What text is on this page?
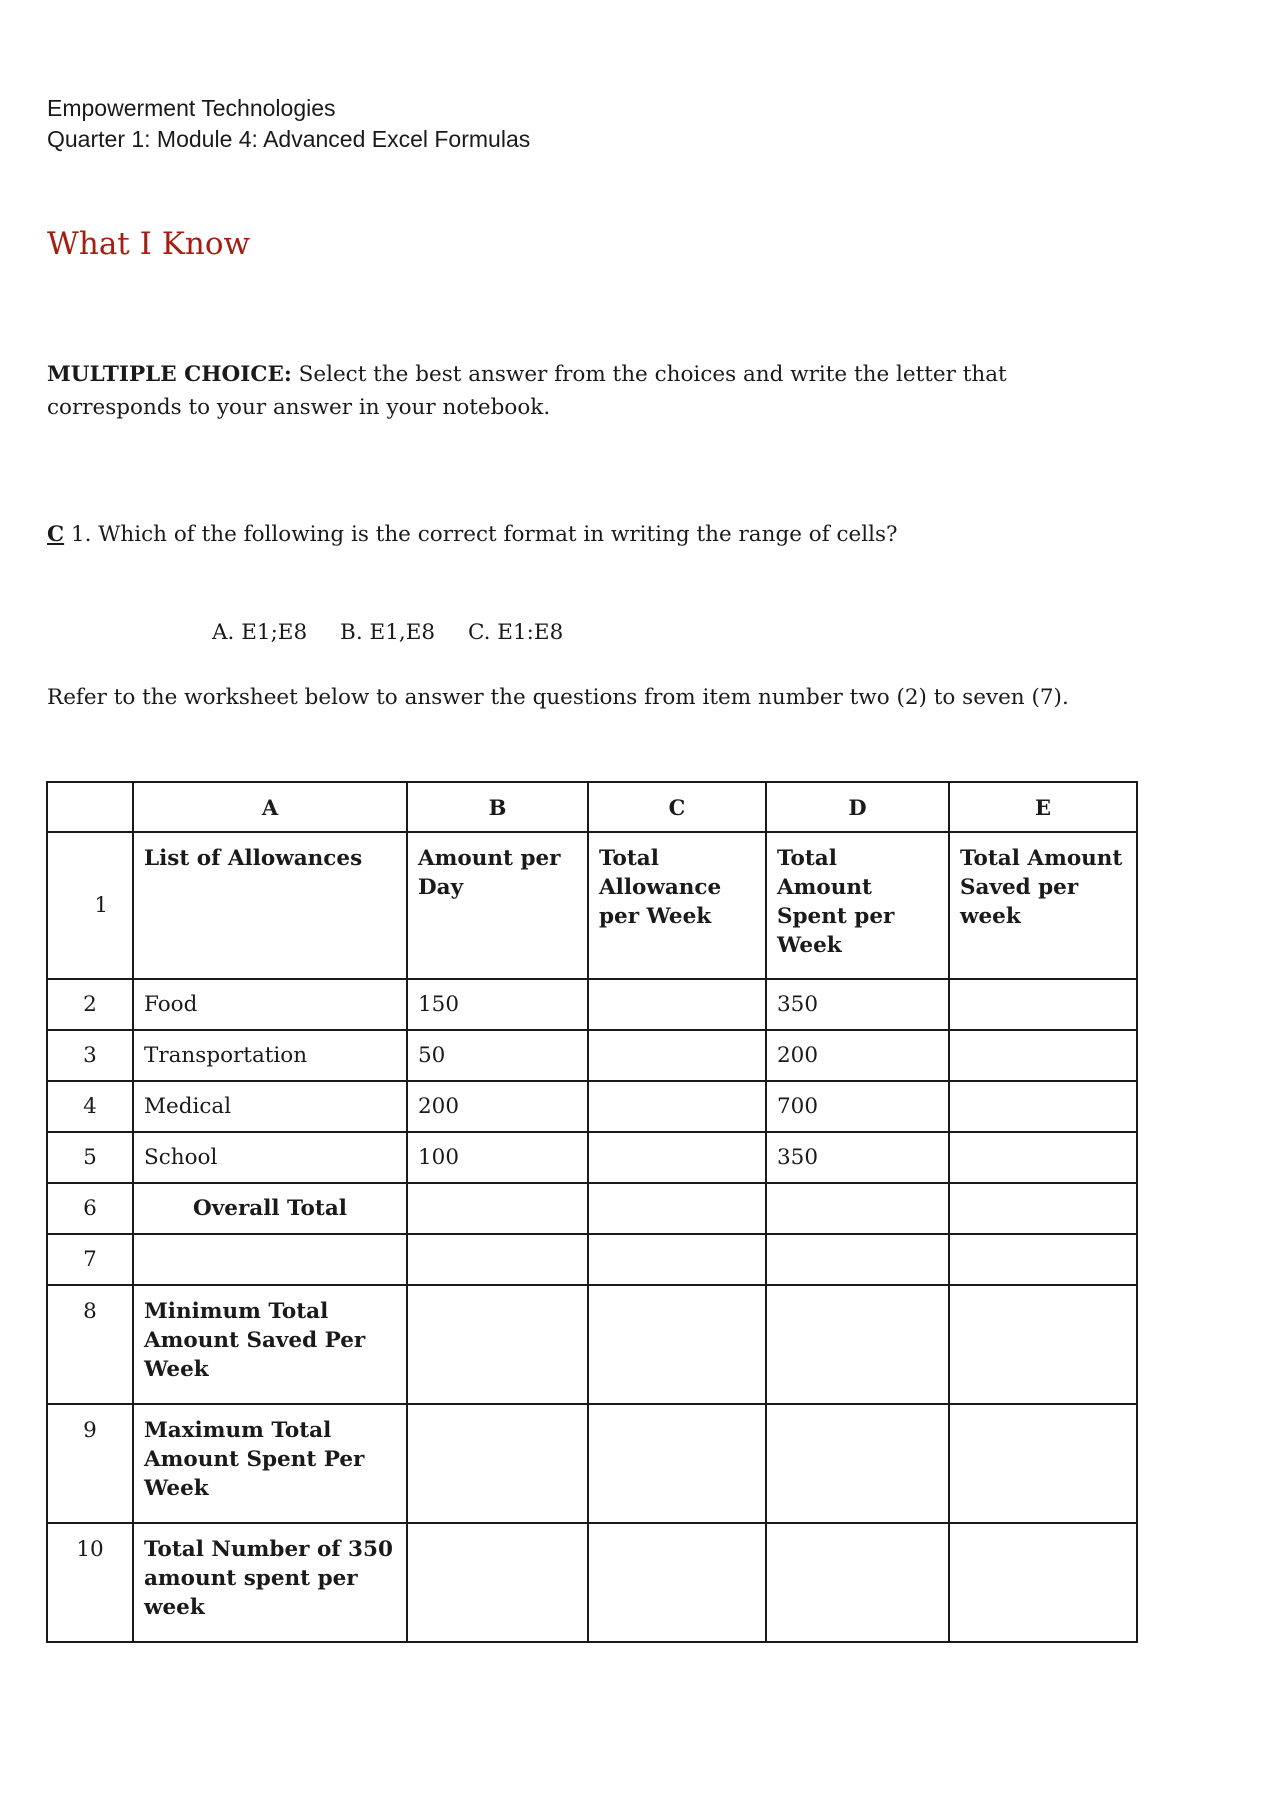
Empowerment Technologies
Quarter 1: Module 4: Advanced Excel Formulas
What I Know
MULTIPLE CHOICE: Select the best answer from the choices and write the letter that corresponds to your answer in your notebook.
C 1. Which of the following is the correct format in writing the range of cells?
A. E1;E8 B. E1,E8 C. E1:E8
Refer to the worksheet below to answer the questions from item number two (2) to seven (7).
	A	B	C	D	E
1	List of Allowances	Amount per Day	Total Allowance per Week	Total Amount Spent per Week	Total Amount Saved per week
2	Food	150		350	
3	Transportation	50		200	
4	Medical	200		700	
5	School	100		350	
6	Overall Total				
7					
8	Minimum Total Amount Saved Per Week				
9	Maximum Total Amount Spent Per Week				
10	Total Number of 350 amount spent per week				
